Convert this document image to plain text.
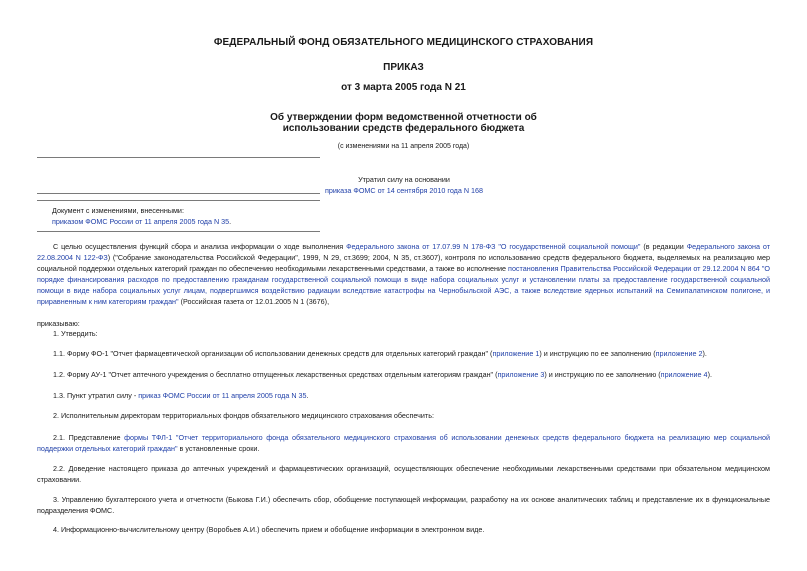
ФЕДЕРАЛЬНЫЙ ФОНД ОБЯЗАТЕЛЬНОГО МЕДИЦИНСКОГО СТРАХОВАНИЯ
ПРИКАЗ
от 3 марта 2005 года N 21
Об утверждении форм ведомственной отчетности об
использовании средств федерального бюджета
(с изменениями на 11 апреля 2005 года)
Утратил силу на основании
приказа ФОМС от 14 сентября 2010 года N 168
Документ с изменениями, внесенными:
приказом ФОМС России от 11 апреля 2005 года N 35.
С целью осуществления функций сбора и анализа информации о ходе выполнения Федерального закона от 17.07.99 N 178-ФЗ "О государственной социальной помощи" (в редакции Федерального закона от 22.08.2004 N 122-ФЗ) ("Собрание законодательства Российской Федерации", 1999, N 29, ст.3699; 2004, N 35, ст.3607), контроля по использованию средств федерального бюджета, выделяемых на реализацию мер социальной поддержки отдельных категорий граждан по обеспечению необходимыми лекарственными средствами, а также во исполнение постановления Правительства Российской Федерации от 29.12.2004 N 864 "О порядке финансирования расходов по предоставлению гражданам государственной социальной помощи в виде набора социальных услуг и установлении платы за предоставление государственной социальной помощи в виде набора социальных услуг лицам, подвергшимся воздействию радиации вследствие катастрофы на Чернобыльской АЭС, а также вследствие ядерных испытаний на Семипалатинском полигоне, и приравненным к ним категориям граждан" (Российская газета от 12.01.2005 N 1 (3676),
приказываю:
1. Утвердить:
1.1. Форму ФО-1 "Отчет фармацевтической организации об использовании денежных средств для отдельных категорий граждан" (приложение 1) и инструкцию по ее заполнению (приложение 2).
1.2. Форму АУ-1 "Отчет аптечного учреждения о бесплатно отпущенных лекарственных средствах отдельным категориям граждан" (приложение 3) и инструкцию по ее заполнению (приложение 4).
1.3. Пункт утратил силу - приказ ФОМС России от 11 апреля 2005 года N 35.
2. Исполнительным директорам территориальных фондов обязательного медицинского страхования обеспечить:
2.1. Представление формы ТФЛ-1 "Отчет территориального фонда обязательного медицинского страхования об использовании денежных средств федерального бюджета на реализацию мер социальной поддержки отдельных категорий граждан" в установленные сроки.
2.2. Доведение настоящего приказа до аптечных учреждений и фармацевтических организаций, осуществляющих обеспечение необходимыми лекарственными средствами при обязательном медицинском страховании.
3. Управлению бухгалтерского учета и отчетности (Быкова Г.И.) обеспечить сбор, обобщение поступающей информации, разработку на их основе аналитических таблиц и представление их в функциональные подразделения ФОМС.
4. Информационно-вычислительному центру (Воробьев А.И.) обеспечить прием и обобщение информации в электронном виде.
